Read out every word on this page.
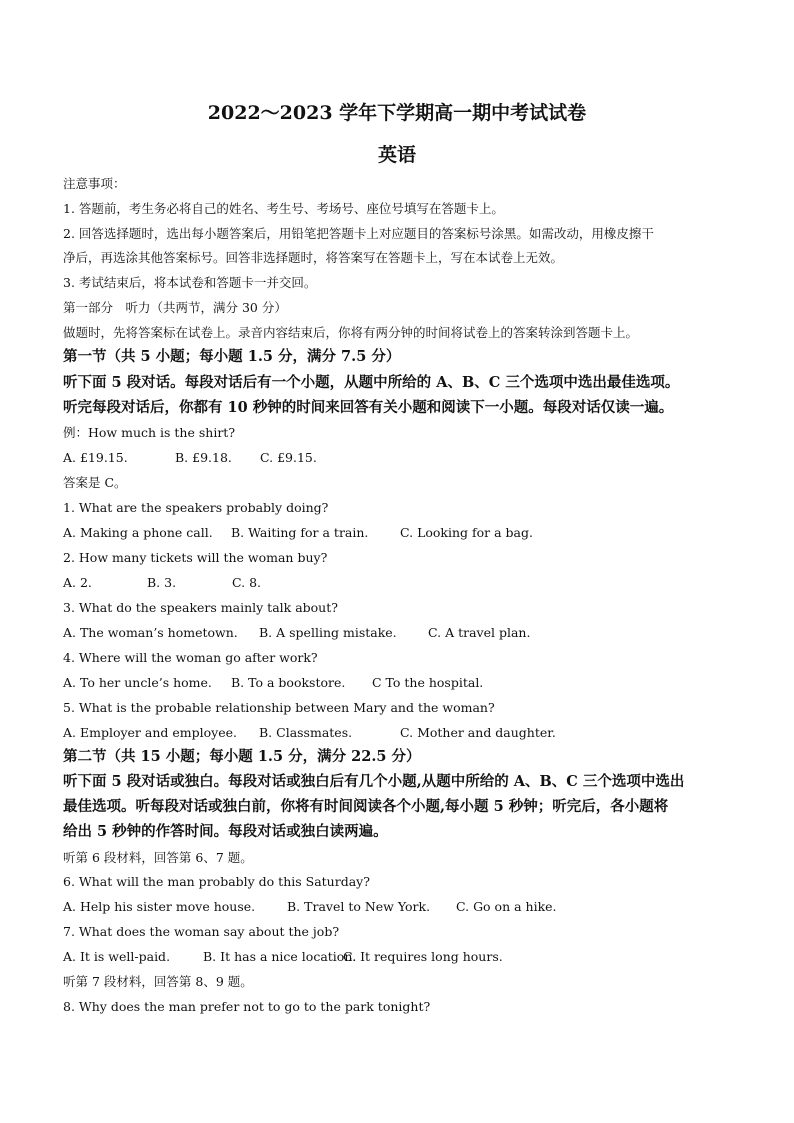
2022〜2023 学年下学期高一期中考试试卷
英语
注意事项：
1. 答题前，考生务必将自己的姓名、考生号、考场号、座位号填写在答题卡上。
2. 回答选择题时，选出每小题答案后，用铅笔把答题卡上对应题目的答案标号涂黑。如需改动，用橡皮擦干
净后，再选涂其他答案标号。回答非选择题时，将答案写在答题卡上，写在本试卷上无效。
3. 考试结束后，将本试卷和答题卡一并交回。
第一部分　听力（共两节，满分 30 分）
做题时，先将答案标在试卷上。录音内容结束后，你将有两分钟的时间将试卷上的答案转涂到答题卡上。
第一节（共 5 小题；每小题 1.5 分，满分 7.5 分）
听下面 5 段对话。每段对话后有一个小题，从题中所给的 A、B、C 三个选项中选出最佳选项。
听完每段对话后，你都有 10 秒钟的时间来回答有关小题和阅读下一小题。每段对话仅读一遍。
例：How much is the shirt?
A. £19.15.	B. £9.18. C. £9.15.
答案是 C。
1. What are the speakers probably doing?
A. Making a phone call. B. Waiting for a train.	C. Looking for a bag.
2. How many tickets will the woman buy?
A. 2.	B. 3.	C. 8.
3. What do the speakers mainly talk about?
A. The woman’s hometown. B. A spelling mistake.	C. A travel plan.
4. Where will the woman go after work?
A. To her uncle’s home. B. To a bookstore. C To the hospital.
5. What is the probable relationship between Mary and the woman?
A. Employer and employee. B. Classmates.	C. Mother and daughter.
第二节（共 15 小题；每小题 1.5 分，满分 22.5 分）
听下面 5 段对话或独白。每段对话或独白后有几个小题,从题中所给的 A、B、C 三个选项中选出
最佳选项。听每段对话或独白前，你将有时间阅读各个小题,每小题 5 秒钟；听完后，各小题将
给出 5 秒钟的作答时间。每段对话或独白读两遍。
听第 6 段材料，回答第 6、7 题。
6. What will the man probably do this Saturday?
A. Help his sister move house.	B. Travel to New York. C. Go on a hike.
7. What does the woman say about the job?
A. It is well-paid.	B. It has a nice location.
C. It requires long hours.
听第 7 段材料，回答第 8、9 题。
8. Why does the man prefer not to go to the park tonight?
